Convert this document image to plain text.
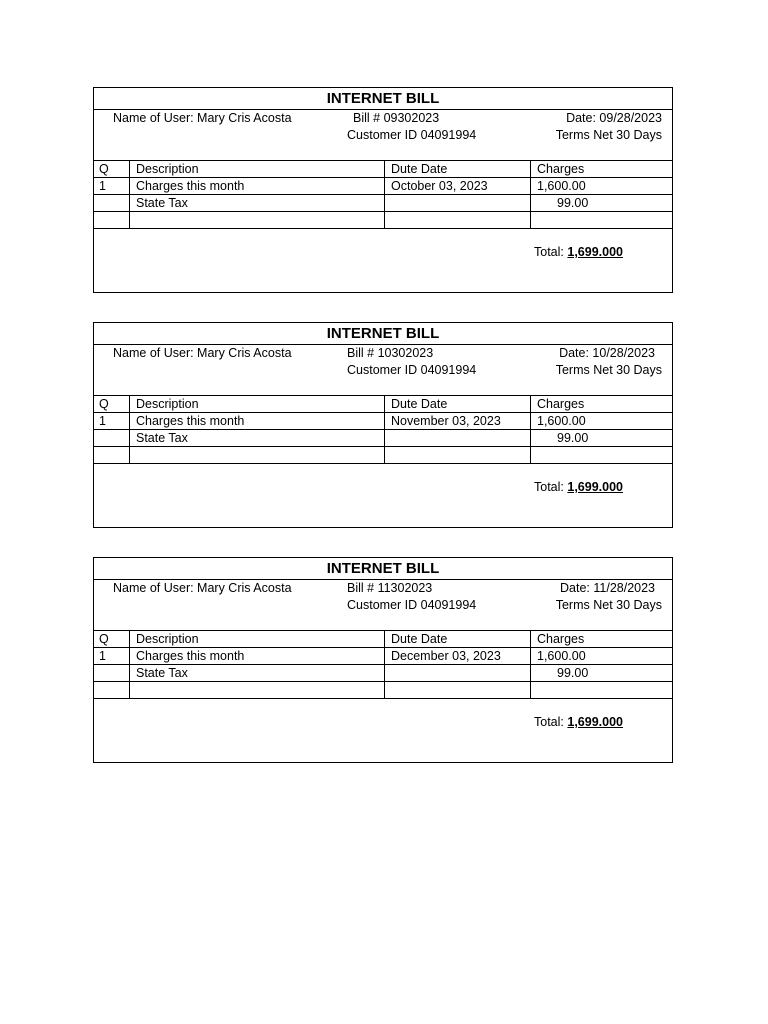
INTERNET BILL
Name of User: Mary Cris Acosta	Bill # 09302023
Customer ID 04091994
Date: 09/28/2023
Terms Net 30 Days
Q	Description	Dute Date	Charges
1	Charges this month	October 03, 2023	1,600.00
	State Tax		99.00

Total: 1,699.000
INTERNET BILL
Name of User: Mary Cris Acosta	Bill # 10302023
Customer ID 04091994
Date: 10/28/2023
Terms Net 30 Days
Q	Description	Dute Date	Charges
1	Charges this month	November 03, 2023	1,600.00
	State Tax		99.00

Total: 1,699.000
INTERNET BILL
Name of User: Mary Cris Acosta	Bill # 11302023
Customer ID 04091994
Date: 11/28/2023
Terms Net 30 Days
Q	Description	Dute Date	Charges
1	Charges this month	December 03, 2023	1,600.00
	State Tax		99.00

Total: 1,699.000
